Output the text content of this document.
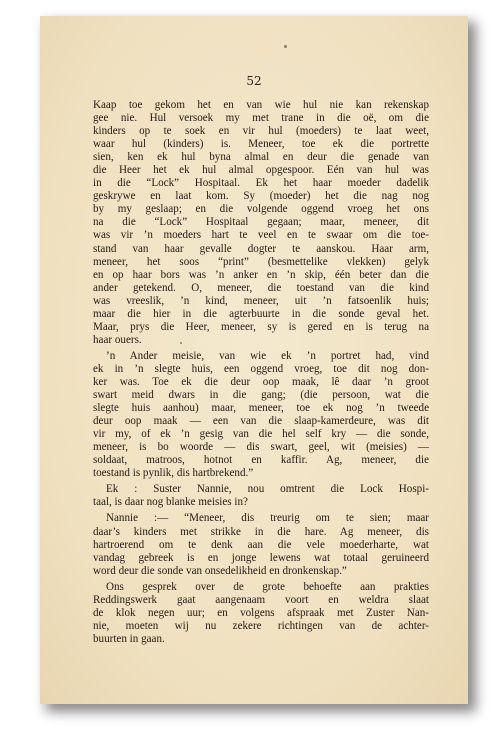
52
Kaap toe gekom het en van wie hul nie kan rekenskap
gee nie. Hul versoek my met trane in die oë, om die
kinders op te soek en vir hul (moeders) te laat weet,
waar hul (kinders) is. Meneer, toe ek die portrette
sien, ken ek hul byna almal en deur die genade van
die Heer het ek hul almal opgespoor. Eén van hul was
in die “Lock” Hospitaal. Ek het haar moeder dadelik
geskrywe en laat kom. Sy (moeder) het die nag nog
by my geslaap; en die volgende oggend vroeg het ons
na die “Lock” Hospitaal gegaan; maar, meneer, dit
was vir ’n moeders hart te veel en te swaar om die toe-
stand van haar gevalle dogter te aanskou. Haar arm,
meneer, het soos “print” (besmettelike vlekken) gelyk
en op haar bors was ’n anker en ’n skip, één beter dan die
ander getekend. O, meneer, die toestand van die kind
was vreeslik, ’n kind, meneer, uit ’n fatsoenlik huis;
maar die hier in die agterbuurte in die sonde geval het.
Maar, prys die Heer, meneer, sy is gered en is terug na
haar ouers.
’n Ander meisie, van wie ek ’n portret had, vind
ek in ’n slegte huis, een oggend vroeg, toe dit nog don-
ker was. Toe ek die deur oop maak, lê daar ’n groot
swart meid dwars in die gang; (die persoon, wat die
slegte huis aanhou) maar, meneer, toe ek nog ’n tweede
deur oop maak — een van die slaap-kamerdeure, was dit
vir my, of ek ’n gesig van die hel self kry — die sonde,
meneer, is bo woorde — dis swart, geel, wit (meisies) —
soldaat, matroos, hotnot en kaffir. Ag, meneer, die
toestand is pynlik, dis hartbrekend.”
Ek : Suster Nannie, nou omtrent die Lock Hospi-
taal, is daar nog blanke meisies in?
Nannie :— “Meneer, dis treurig om te sien; maar
daar’s kinders met strikke in die hare. Ag meneer, dis
hartroerend om te denk aan die vele moederharte, wat
vandag gebreek is en jonge lewens wat totaal geruineerd
word deur die sonde van onsedelikheid en dronkenskap.”
Ons gesprek over de grote behoefte aan prakties
Reddingswerk gaat aangenaam voort en weldra slaat
de klok negen uur; en volgens afspraak met Zuster Nan-
nie, moeten wij nu zekere richtingen van de achter-
buurten in gaan.
